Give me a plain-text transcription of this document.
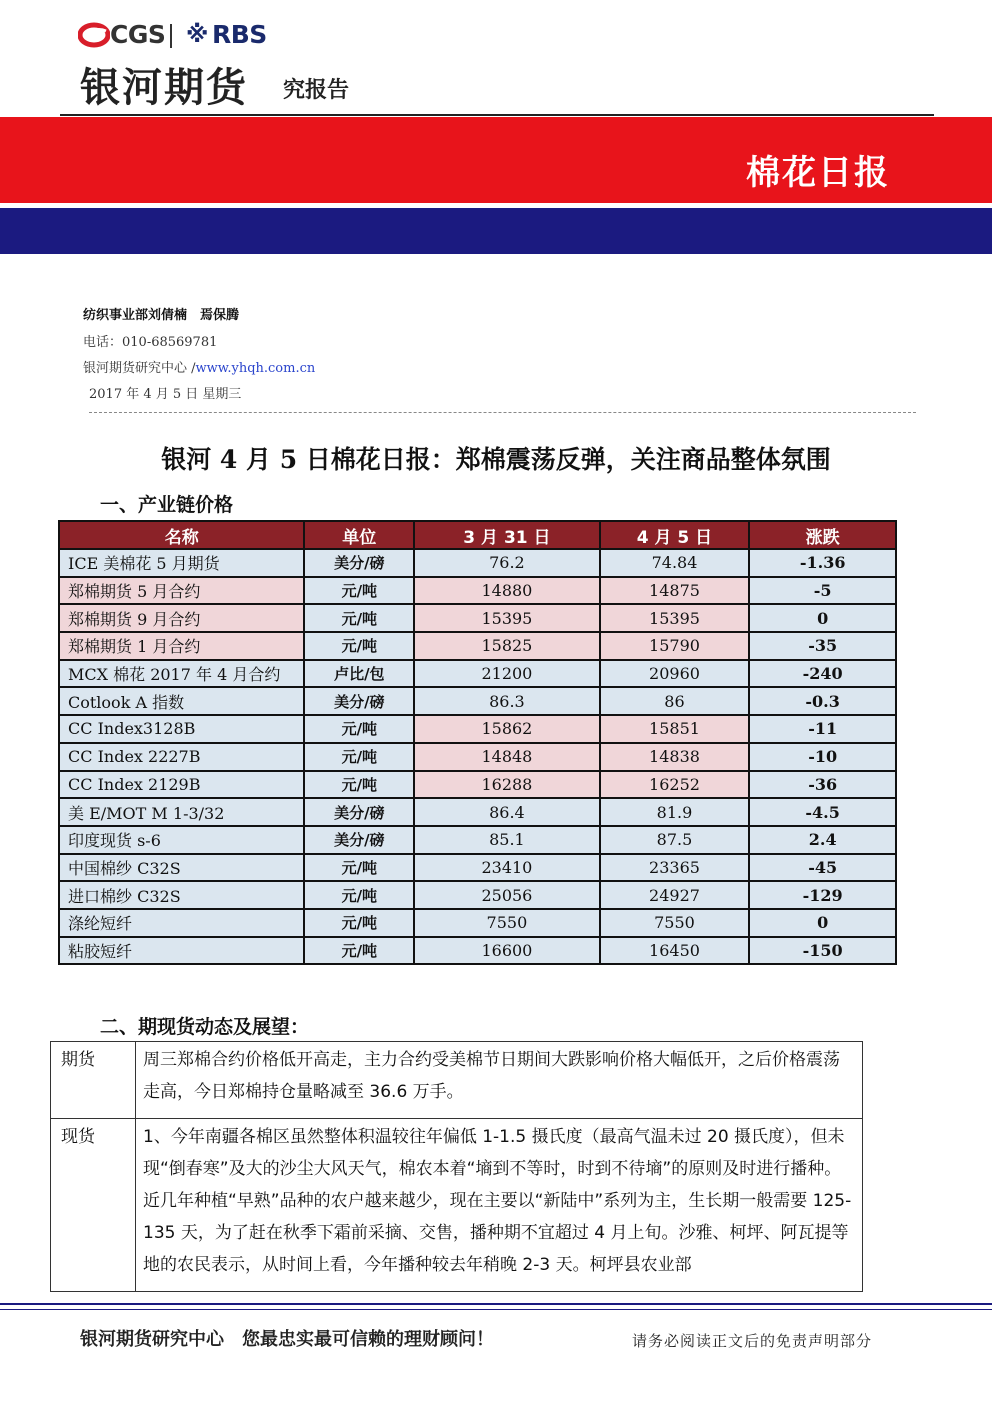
CGS ※ RBS
银河期货 究报告
棉花日报
纺织事业部刘倩楠　焉保腾
电话：010-68569781
银河期货研究中心 /www.yhqh.com.cn
2017 年 4 月 5 日 星期三
银河 4 月 5 日棉花日报：郑棉震荡反弹，关注商品整体氛围
一、产业链价格
名称	单位	3 月 31 日	4 月 5 日	涨跌
ICE 美棉花 5 月期货	美分/磅	76.2	74.84	-1.36
郑棉期货 5 月合约	元/吨	14880	14875	-5
郑棉期货 9 月合约	元/吨	15395	15395	0
郑棉期货 1 月合约	元/吨	15825	15790	-35
MCX 棉花 2017 年 4 月合约	卢比/包	21200	20960	-240
Cotlook A 指数	美分/磅	86.3	86	-0.3
CC Index3128B	元/吨	15862	15851	-11
CC Index 2227B	元/吨	14848	14838	-10
CC Index 2129B	元/吨	16288	16252	-36
美 E/MOT M 1-3/32	美分/磅	86.4	81.9	-4.5
印度现货 s-6	美分/磅	85.1	87.5	2.4
中国棉纱 C32S	元/吨	23410	23365	-45
进口棉纱 C32S	元/吨	25056	24927	-129
涤纶短纤	元/吨	7550	7550	0
粘胶短纤	元/吨	16600	16450	-150
二、期现货动态及展望：
期货	周三郑棉合约价格低开高走，主力合约受美棉节日期间大跌影响价格大幅低开，之后价格震荡走高，今日郑棉持仓量略减至 36.6 万手。
现货	1、今年南疆各棉区虽然整体积温较往年偏低 1-1.5 摄氏度（最高气温未过 20 摄氏度），但未现“倒春寒”及大的沙尘大风天气，棉农本着“墒到不等时，时到不待墒”的原则及时进行播种。近几年种植“早熟”品种的农户越来越少，现在主要以“新陆中”系列为主，生长期一般需要 125-135 天，为了赶在秋季下霜前采摘、交售，播种期不宜超过 4 月上旬。沙雅、柯坪、阿瓦提等地的农民表示，从时间上看，今年播种较去年稍晚 2-3 天。柯坪县农业部
银河期货研究中心　您最忠实最可信赖的理财顾问！	请务必阅读正文后的免责声明部分
